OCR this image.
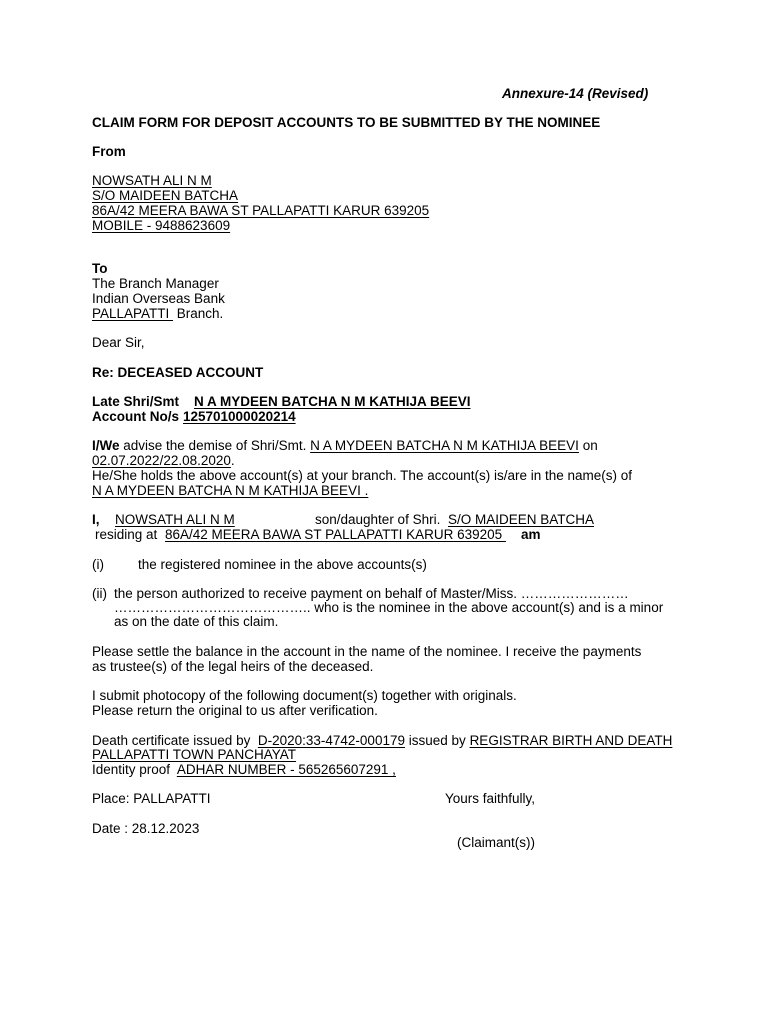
Annexure-14 (Revised)
CLAIM FORM FOR DEPOSIT ACCOUNTS TO BE SUBMITTED BY THE NOMINEE
From
NOWSATH ALI N M
S/O MAIDEEN BATCHA
86A/42 MEERA BAWA ST PALLAPATTI KARUR 639205
MOBILE - 9488623609
To
The Branch Manager
Indian Overseas Bank
PALLAPATTI  Branch.
Dear Sir,
Re: DECEASED ACCOUNT
Late Shri/Smt N A MYDEEN BATCHA N M KATHIJA BEEVI
Account No/s 125701000020214
I/We advise the demise of Shri/Smt. N A MYDEEN BATCHA N M KATHIJA BEEVI on
02.07.2022/22.08.2020.
He/She holds the above account(s) at your branch. The account(s) is/are in the name(s) of
N A MYDEEN BATCHA N M KATHIJA BEEVI .
I, NOWSATH ALI N M	son/daughter of Shri. S/O MAIDEEN BATCHA
residing at 86A/42 MEERA BAWA ST PALLAPATTI KARUR 639205 am
(i)	the registered nominee in the above accounts(s)
(ii) the person authorized to receive payment on behalf of Master/Miss. ……………………
…………………………………….. who is the nominee in the above account(s) and is a minor
as on the date of this claim.
Please settle the balance in the account in the name of the nominee. I receive the payments
as trustee(s) of the legal heirs of the deceased.
I submit photocopy of the following document(s) together with originals.
Please return the original to us after verification.
Death certificate issued by D-2020:33-4742-000179 issued by REGISTRAR BIRTH AND DEATH
PALLAPATTI TOWN PANCHAYAT
Identity proof ADHAR NUMBER - 565265607291 ,
Place: PALLAPATTI	Yours faithfully,
Date : 28.12.2023
(Claimant(s))
